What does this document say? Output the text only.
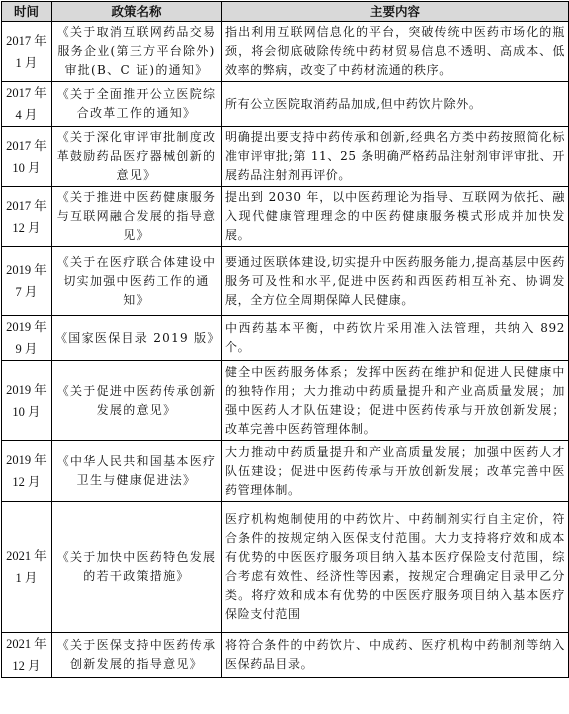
时间	政策名称	主要内容
2017 年 1 月	《关于取消互联网药品交易服务企业(第三方平台除外)审批(B、C 证)的通知》	指出利用互联网信息化的平台，突破传统中医药市场化的瓶颈，将会彻底破除传统中药材贸易信息不透明、高成本、低效率的弊病，改变了中药材流通的秩序。
2017 年 4 月	《关于全面推开公立医院综合改革工作的通知》	所有公立医院取消药品加成,但中药饮片除外。
2017 年 10 月	《关于深化审评审批制度改革鼓励药品医疗器械创新的意见》	明确提出要支持中药传承和创新,经典名方类中药按照简化标准审评审批;第 11、25 条明确严格药品注射剂审评审批、开展药品注射剂再评价。
2017 年 12 月	《关于推进中医药健康服务与互联网融合发展的指导意见》	提出到 2030 年，以中医药理论为指导、互联网为依托、融入现代健康管理理念的中医药健康服务模式形成并加快发展。
2019 年 7 月	《关于在医疗联合体建设中切实加强中医药工作的通知》	要通过医联体建设,切实提升中医药服务能力,提高基层中医药服务可及性和水平,促进中医药和西医药相互补充、协调发展，全方位全周期保障人民健康。
2019 年 9 月	《国家医保目录 2019 版》	中西药基本平衡，中药饮片采用准入法管理，共纳入 892个。
2019 年 10 月	《关于促进中医药传承创新发展的意见》	健全中医药服务体系；发挥中医药在维护和促进人民健康中的独特作用；大力推动中药质量提升和产业高质量发展；加强中医药人才队伍建设；促进中医药传承与开放创新发展；改革完善中医药管理体制。
2019 年 12 月	《中华人民共和国基本医疗卫生与健康促进法》	大力推动中药质量提升和产业高质量发展；加强中医药人才队伍建设；促进中医药传承与开放创新发展；改革完善中医药管理体制。
2021 年 1 月	《关于加快中医药特色发展的若干政策措施》	医疗机构炮制使用的中药饮片、中药制剂实行自主定价，符合条件的按规定纳入医保支付范围。大力支持将疗效和成本有优势的中医医疗服务项目纳入基本医疗保险支付范围，综合考虑有效性、经济性等因素，按规定合理确定目录甲乙分类。将疗效和成本有优势的中医医疗服务项目纳入基本医疗保险支付范围
2021 年 12 月	《关于医保支持中医药传承创新发展的指导意见》	将符合条件的中药饮片、中成药、医疗机构中药制剂等纳入医保药品目录。
